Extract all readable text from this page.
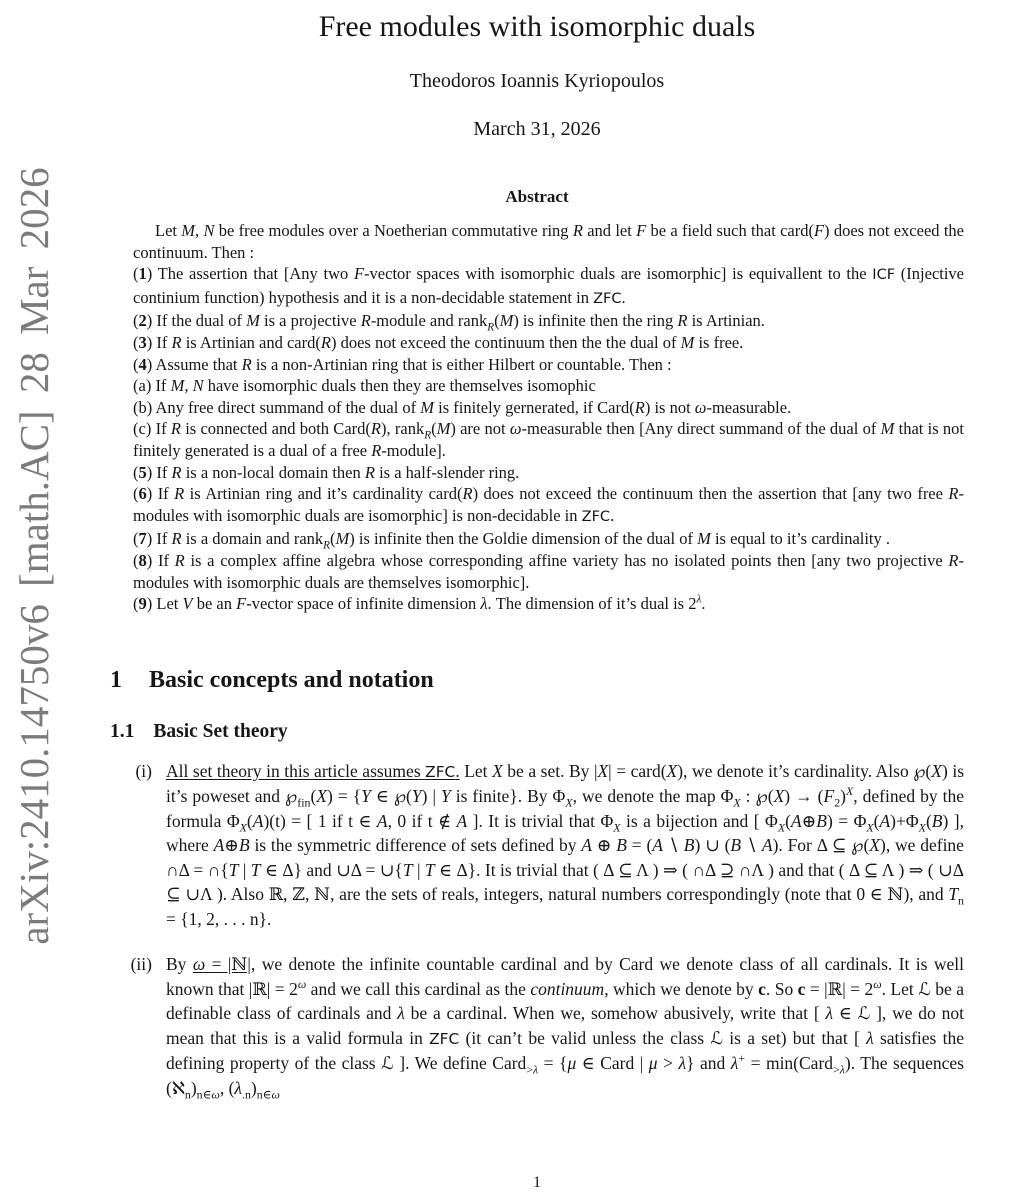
arXiv:2410.14750v6 [math.AC] 28 Mar 2026
Free modules with isomorphic duals
Theodoros Ioannis Kyriopoulos
March 31, 2026
Abstract
Let M, N be free modules over a Noetherian commutative ring R and let F be a field such that card(F) does not exceed the continuum. Then :
(1) The assertion that [Any two F-vector spaces with isomorphic duals are isomorphic] is equivallent to the ICF (Injective continium function) hypothesis and it is a non-decidable statement in ZFC.
(2) If the dual of M is a projective R-module and rank$_R$(M) is infinite then the ring R is Artinian.
(3) If R is Artinian and card(R) does not exceed the continuum then the the dual of M is free.
(4) Assume that R is a non-Artinian ring that is either Hilbert or countable. Then :
(a) If M, N have isomorphic duals then they are themselves isomophic
(b) Any free direct summand of the dual of M is finitely gernerated, if Card(R) is not ω-measurable.
(c) If R is connected and both Card(R), rank$_R$(M) are not ω-measurable then [Any direct summand of the dual of M that is not finitely generated is a dual of a free R-module].
(5) If R is a non-local domain then R is a half-slender ring.
(6) If R is Artinian ring and it’s cardinality card(R) does not exceed the continuum then the assertion that [any two free R-modules with isomorphic duals are isomorphic] is non-decidable in ZFC.
(7) If R is a domain and rank$_R$(M) is infinite then the Goldie dimension of the dual of M is equal to it’s cardinality .
(8) If R is a complex affine algebra whose corresponding affine variety has no isolated points then [any two projective R-modules with isomorphic duals are themselves isomorphic].
(9) Let V be an F-vector space of infinite dimension λ. The dimension of it’s dual is $2^\lambda$.
1 Basic concepts and notation
1.1 Basic Set theory
(i) All set theory in this article assumes ZFC. Let X be a set. By |X| = card(X), we denote it’s cardinality. Also ℘(X) is it’s poweset and $℘_{fin}(X) = \{Y$ ∈ ℘(Y) | Y is finite}. By $\Phi_X$, we denote the map $\Phi_X$ : ℘(X) → $(F_2)^X$, defined by the formula $\Phi_X(A)(t)$ = [ 1 if t ∈ A, 0 if t ∉ A ]. It is trivial that $\Phi_X$ is a bijection and [ $\Phi_X(A\oplus B) = \Phi_X(A)+\Phi_X(B)$ ], where A⊕B is the symmetric difference of sets defined by A ⊕ B = (A ∖ B) ∪ (B ∖ A). For Δ ⊆ ℘(X), we define ∩Δ = ∩{T | T ∈ Δ} and ∪Δ = ∪{T | T ∈ Δ}. It is trivial that ( Δ ⊆ Λ ) ⇒ ( ∩Δ ⊇ ∩Λ ) and that ( Δ ⊆ Λ ) ⇒ ( ∪Δ ⊆ ∪Λ ). Also ℝ, ℤ, ℕ, are the sets of reals, integers, natural numbers correspondingly (note that 0 ∈ ℕ), and $T_n = \{1$, 2, . . . n}.
(ii) By ω = |ℕ|, we denote the infinite countable cardinal and by Card we denote class of all cardinals. It is well known that |ℝ| = $2^\omega$ and we call this cardinal as the continuum, which we denote by c. So c = |ℝ| = $2^\omega$. Let ℒ be a definable class of cardinals and λ be a cardinal. When we, somehow abusively, write that [ λ ∈ ℒ ], we do not mean that this is a valid formula in ZFC (it can’t be valid unless the class ℒ is a set) but that [ λ satisfies the defining property of the class ℒ ]. We define Card$_{>\lambda}$ = {μ ∈ Card | μ > λ} and λ+ = min(Card$_{>\lambda}$). The sequences $(ℵ_n)_{n\in\omega}$, $(\lambda_{.n})_{n\in\omega}$
1
